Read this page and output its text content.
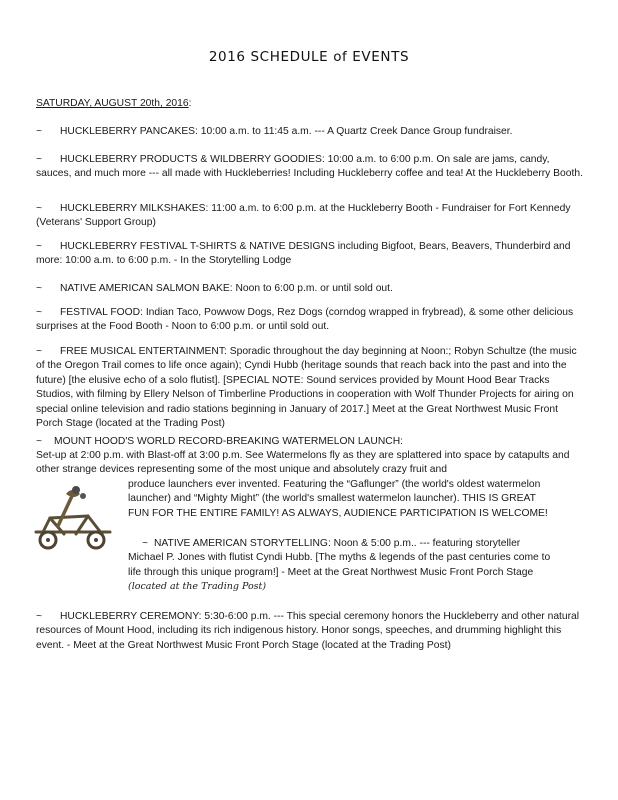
2016 SCHEDULE of EVENTS

SATURDAY, AUGUST 20th, 2016:

~ HUCKLEBERRY PANCAKES: 10:00 a.m. to 11:45 a.m. --- A Quartz Creek Dance Group fundraiser.

~ HUCKLEBERRY PRODUCTS & WILDBERRY GOODIES: 10:00 a.m. to 6:00 p.m. On sale are jams, candy, sauces, and much more --- all made with Huckleberries! Including Huckleberry coffee and tea! At the Huckleberry Booth.

~ HUCKLEBERRY MILKSHAKES: 11:00 a.m. to 6:00 p.m. at the Huckleberry Booth - Fundraiser for Fort Kennedy (Veterans' Support Group)

~ HUCKLEBERRY FESTIVAL T-SHIRTS & NATIVE DESIGNS including Bigfoot, Bears, Beavers, Thunderbird and more: 10:00 a.m. to 6:00 p.m. - In the Storytelling Lodge

~ NATIVE AMERICAN SALMON BAKE: Noon to 6:00 p.m. or until sold out.

~ FESTIVAL FOOD: Indian Taco, Powwow Dogs, Rez Dogs (corndog wrapped in frybread), & some other delicious surprises at the Food Booth - Noon to 6:00 p.m. or until sold out.

~ FREE MUSICAL ENTERTAINMENT: Sporadic throughout the day beginning at Noon:; Robyn Schultze (the music of the Oregon Trail comes to life once again); Cyndi Hubb (heritage sounds that reach back into the past and into the future) [the elusive echo of a solo flutist]. [SPECIAL NOTE: Sound services provided by Mount Hood Bear Tracks Studios, with filming by Ellery Nelson of Timberline Productions in cooperation with Wolf Thunder Projects for airing on special online television and radio stations beginning in January of 2017.] Meet at the Great Northwest Music Front Porch Stage (located at the Trading Post)

~ MOUNT HOOD'S WORLD RECORD-BREAKING WATERMELON LAUNCH:

Set-up at 2:00 p.m. with Blast-off at 3:00 p.m. See Watermelons fly as they are splattered into space by catapults and other strange devices representing some of the most unique and absolutely crazy fruit and

produce launchers ever invented. Featuring the “Gaflunger” (the world's oldest watermelon launcher) and “Mighty Might” (the world's smallest watermelon launcher). THIS IS GREAT FUN FOR THE ENTIRE FAMILY! AS ALWAYS, AUDIENCE PARTICIPATION IS WELCOME!

~ NATIVE AMERICAN STORYTELLING: Noon & 5:00 p.m.. --- featuring storyteller Michael P. Jones with flutist Cyndi Hubb. [The myths & legends of the past centuries come to life through this unique program!] - Meet at the Great Northwest Music Front Porch Stage

(located at the Trading Post)

~ HUCKLEBERRY CEREMONY: 5:30-6:00 p.m. --- This special ceremony honors the Huckleberry and other natural resources of Mount Hood, including its rich indigenous history. Honor songs, speeches, and drumming highlight this event. - Meet at the Great Northwest Music Front Porch Stage (located at the Trading Post)
